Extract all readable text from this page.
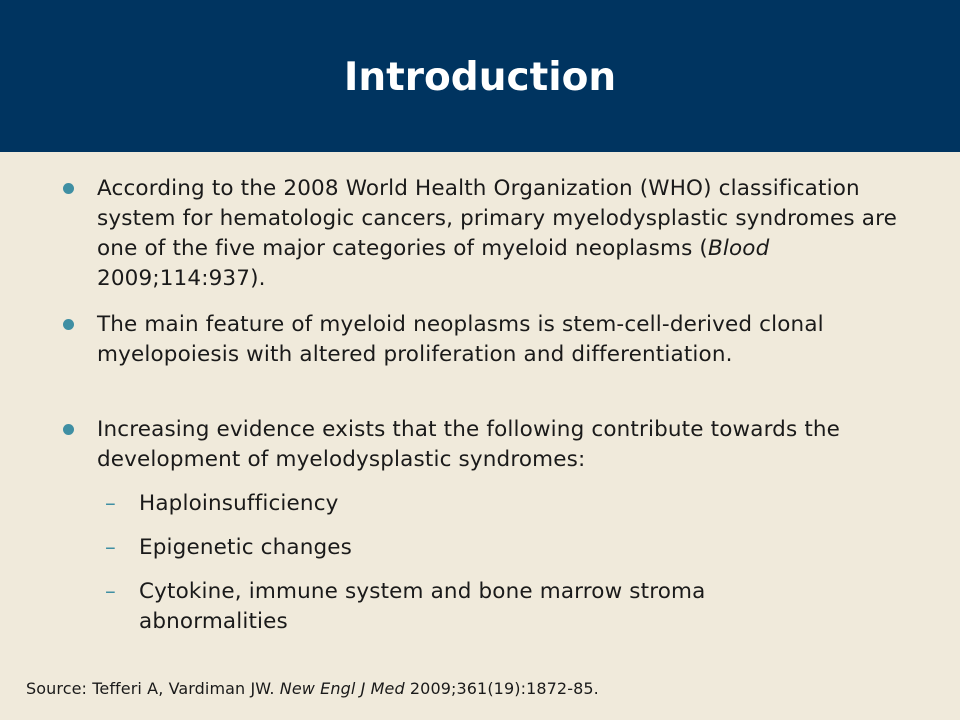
Introduction
According to the 2008 World Health Organization (WHO) classification system for hematologic cancers, primary myelodysplastic syndromes are one of the five major categories of myeloid neoplasms (Blood 2009;114:937).
The main feature of myeloid neoplasms is stem-cell-derived clonal myelopoiesis with altered proliferation and differentiation.
Increasing evidence exists that the following contribute towards the development of myelodysplastic syndromes:
– Haploinsufficiency
– Epigenetic changes
– Cytokine, immune system and bone marrow stroma abnormalities
Source: Tefferi A, Vardiman JW. New Engl J Med 2009;361(19):1872-85.
